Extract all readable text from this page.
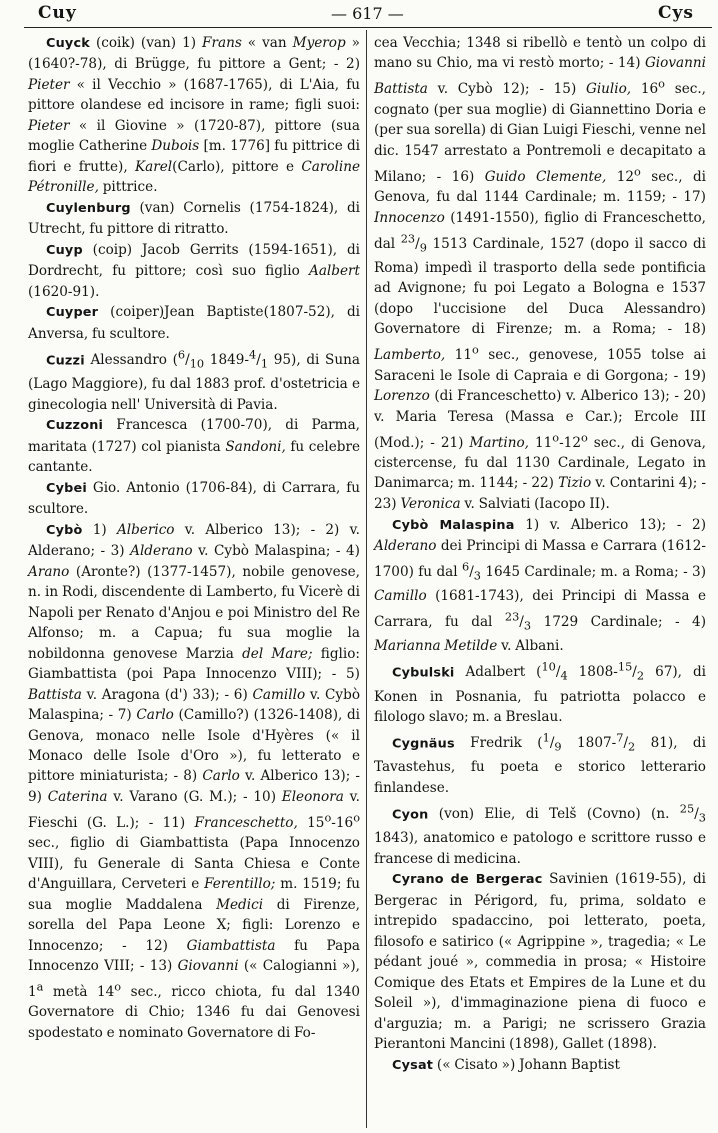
Cuy	— 617 —	Cys

Cuyck (coik) (van) 1) Frans « van Myerop » (1640?-78), di Brügge, fu pittore a Gent; - 2) Pieter « il Vecchio » (1687-1765), di L'Aia, fu pittore olandese ed incisore in rame; figli suoi: Pieter « il Giovine » (1720-87), pittore (sua moglie Catherine Dubois [m. 1776] fu pittrice di fiori e frutte), Karel(Carlo), pittore e Caroline Pétronille, pittrice.

Cuylenburg (van) Cornelis (1754-1824), di Utrecht, fu pittore di ritratto.

Cuyp (coip) Jacob Gerrits (1594-1651), di Dordrecht, fu pittore; così suo figlio Aalbert (1620-91).

Cuyper (coiper)Jean Baptiste(1807-52), di Anversa, fu scultore.

Cuzzi Alessandro ($^6/_{10}$ $1849-^4/_1$ 95), di Suna (Lago Maggiore), fu dal 1883 prof. d'ostetricia e ginecologia nell' Università di Pavia.

Cuzzoni Francesca (1700-70), di Parma, maritata (1727) col pianista Sandoni, fu celebre cantante.

Cybei Gio. Antonio (1706-84), di Carrara, fu scultore.

Cybò 1) Alberico v. Alberico 13); - 2) v. Alderano; - 3) Alderano v. Cybò Malaspina; - 4) Arano (Aronte?) (1377-1457), nobile genovese, n. in Rodi, discendente di Lamberto, fu Vicerè di Napoli per Renato d'Anjou e poi Ministro del Re Alfonso; m. a Capua; fu sua moglie la nobildonna genovese Marzia del Mare; figlio: Giambattista (poi Papa Innocenzo VIII); - 5) Battista v. Aragona (d') 33); - 6) Camillo v. Cybò Malaspina; - 7) Carlo (Camillo?) (1326-1408), di Genova, monaco nelle Isole d'Hyères (« il Monaco delle Isole d'Oro »), fu letterato e pittore miniaturista; - 8) Carlo v. Alberico 13); - 9) Caterina v. Varano (G. M.); - 10) Eleonora v. Fieschi (G. L.); - 11) Franceschetto, 15$^o$-16$^o$ sec., figlio di Giambattista (Papa Innocenzo VIII), fu Generale di Santa Chiesa e Conte d'Anguillara, Cerveteri e Ferentillo; m. 1519; fu sua moglie Maddalena Medici di Firenze, sorella del Papa Leone X; figli: Lorenzo e Innocenzo; - 12) Giambattista fu Papa Innocenzo VIII; - 13) Giovanni (« Calogianni »), 1$^a$ metà 14$^o$ sec., ricco chiota, fu dal 1340 Governatore di Chio; 1346 fu dai Genovesi spodestato e nominato Governatore di Fo-

cea Vecchia; 1348 si ribellò e tentò un colpo di mano su Chio, ma vi restò morto; - 14) Giovanni Battista v. Cybò 12); - 15) Giulio, 16$^o$ sec., cognato (per sua moglie) di Giannettino Doria e (per sua sorella) di Gian Luigi Fieschi, venne nel dic. 1547 arrestato a Pontremoli e decapitato a Milano; - 16) Guido Clemente, 12$^o$ sec., di Genova, fu dal 1144 Cardinale; m. 1159; - 17) Innocenzo (1491-1550), figlio di Franceschetto, dal $^{23}/_9$ 1513 Cardinale, 1527 (dopo il sacco di Roma) impedì il trasporto della sede pontificia ad Avignone; fu poi Legato a Bologna e 1537 (dopo l'uccisione del Duca Alessandro) Governatore di Firenze; m. a Roma; - 18) Lamberto, 11$^o$ sec., genovese, 1055 tolse ai Saraceni le Isole di Capraia e di Gorgona; - 19) Lorenzo (di Franceschetto) v. Alberico 13); - 20) v. Maria Teresa (Massa e Car.); Ercole III (Mod.); - 21) Martino, 11$^o$-12$^o$ sec., di Genova, cistercense, fu dal 1130 Cardinale, Legato in Danimarca; m. 1144; - 22) Tizio v. Contarini 4); - 23) Veronica v. Salviati (Iacopo II).

Cybò Malaspina 1) v. Alberico 13); - 2) Alderano dei Principi di Massa e Carrara (1612-1700) fu dal $^6/_3$ 1645 Cardinale; m. a Roma; - 3) Camillo (1681-1743), dei Principi di Massa e Carrara, fu dal $^{23}/_3$ 1729 Cardinale; - 4) Marianna Metilde v. Albani.

Cybulski Adalbert ($^{10}/_4$ $1808-^{15}/_2$ 67), di Konen in Posnania, fu patriotta polacco e filologo slavo; m. a Breslau.

Cygnäus Fredrik ($^1/_9$ $1807-^7/_2$ 81), di Tavastehus, fu poeta e storico letterario finlandese.

Cyon (von) Elie, di Telš (Covno) (n. $^{25}/_3$ 1843), anatomico e patologo e scrittore russo e francese di medicina.

Cyrano de Bergerac Savinien (1619-55), di Bergerac in Périgord, fu, prima, soldato e intrepido spadaccino, poi letterato, poeta, filosofo e satirico (« Agrippine », tragedia; « Le pédant joué », commedia in prosa; « Histoire Comique des Etats et Empires de la Lune et du Soleil »), d'immaginazione piena di fuoco e d'arguzia; m. a Parigi; ne scrissero Grazia Pierantoni Mancini (1898), Gallet (1898).

Cysat (« Cisato ») Johann Baptist
